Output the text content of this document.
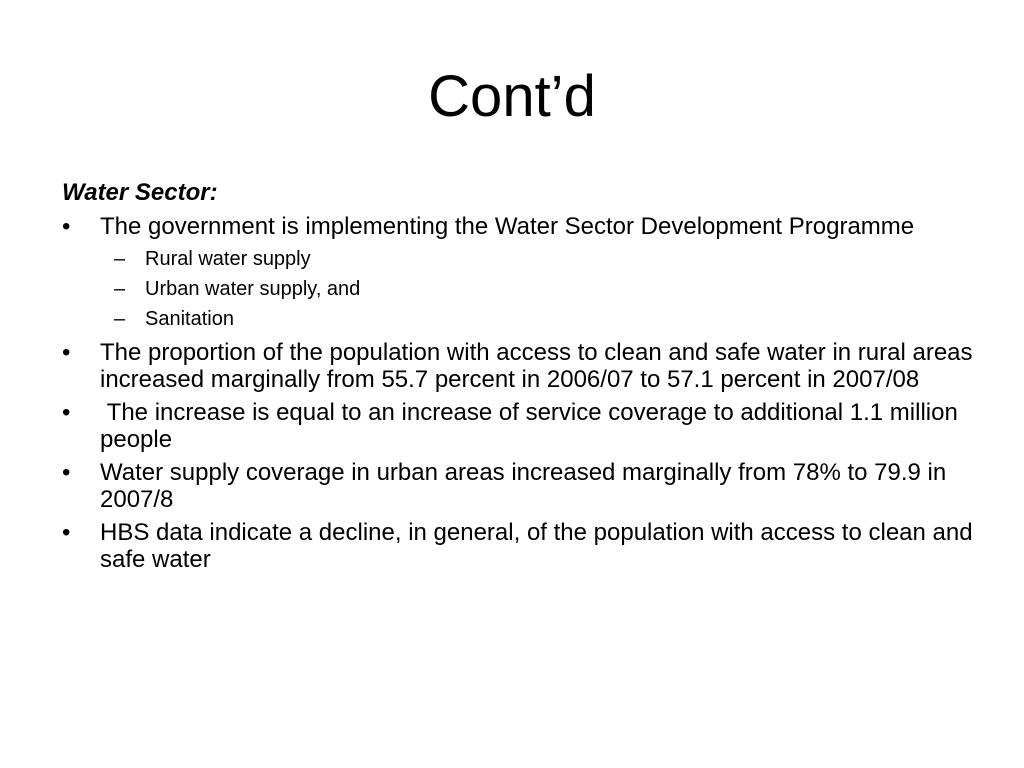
Cont’d
Water Sector:
•	The government is implementing the Water Sector Development Programme
– Rural water supply
– Urban water supply, and
– Sanitation
•	The proportion of the population with access to clean and safe water in rural areas increased marginally from 55.7 percent in 2006/07 to 57.1 percent in 2007/08
•	The increase is equal to an increase of service coverage to additional 1.1 million people
•	Water supply coverage in urban areas increased marginally from 78% to 79.9 in 2007/8
•	HBS data indicate a decline, in general, of the population with access to clean and safe water
